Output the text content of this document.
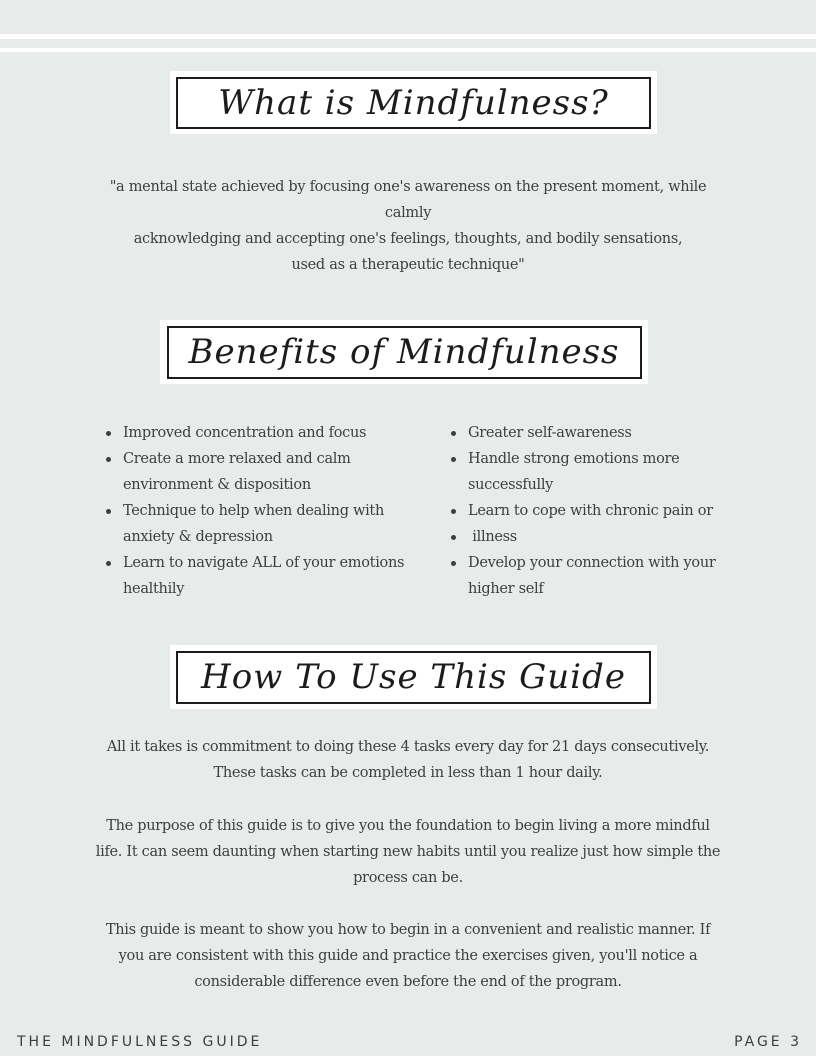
What is Mindfulness?
"a mental state achieved by focusing one's awareness on the present moment, while calmly
acknowledging and accepting one's feelings, thoughts, and bodily sensations,
used as a therapeutic technique"
Benefits of Mindfulness
Improved concentration and focus
Create a more relaxed and calm
environment & disposition
Technique to help when dealing with
anxiety & depression
Learn to navigate ALL of your emotions
healthily
Greater self-awareness
Handle strong emotions more
successfully
Learn to cope with chronic pain or
illness
Develop your connection with your
higher self
How To Use This Guide
All it takes is commitment to doing these 4 tasks every day for 21 days consecutively.
These tasks can be completed in less than 1 hour daily.
The purpose of this guide is to give you the foundation to begin living a more mindful
life. It can seem daunting when starting new habits until you realize just how simple the
process can be.
This guide is meant to show you how to begin in a convenient and realistic manner. If
you are consistent with this guide and practice the exercises given, you'll notice a
considerable difference even before the end of the program.
THE MINDFULNESS GUIDE	PAGE 3
